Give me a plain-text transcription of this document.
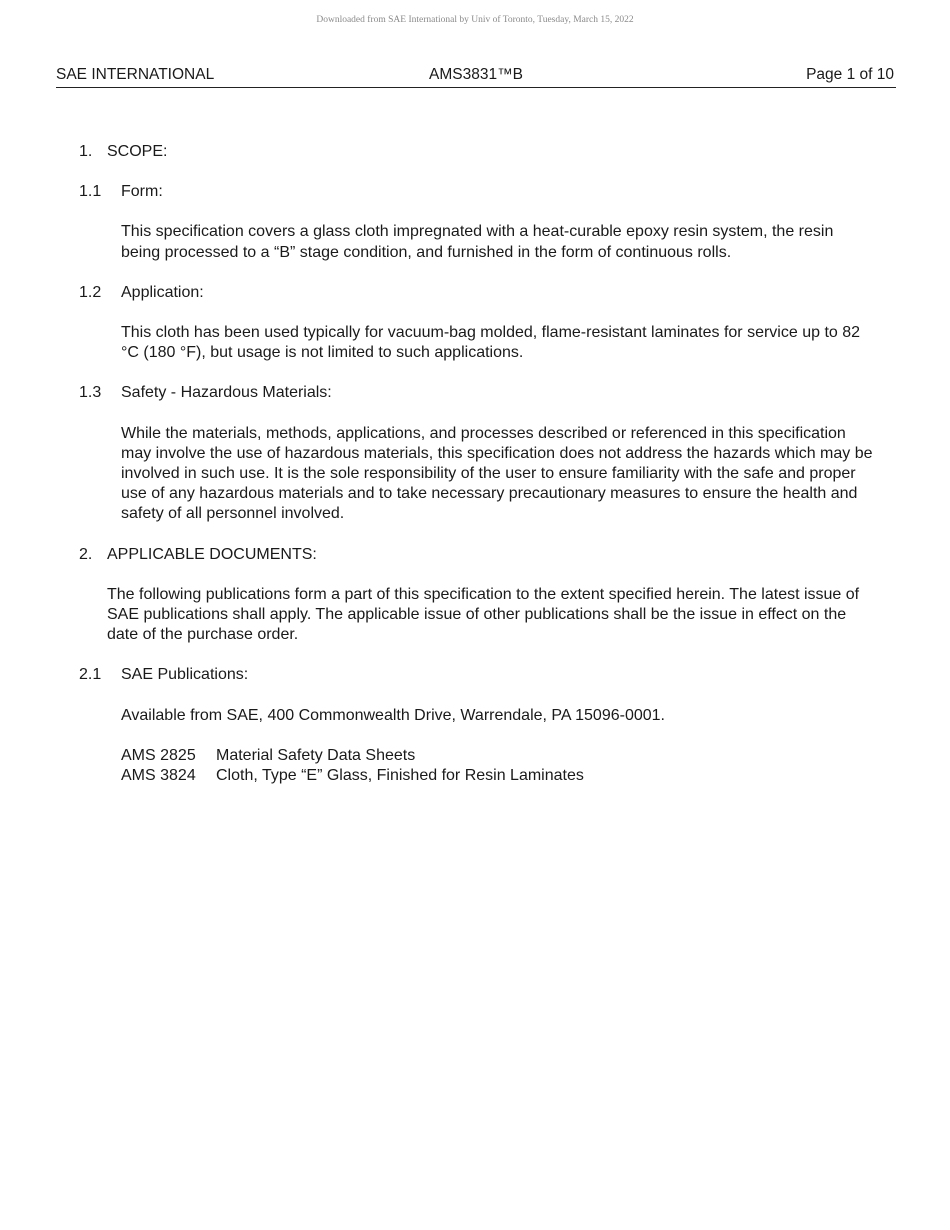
Downloaded from SAE International by Univ of Toronto, Tuesday, March 15, 2022
SAE INTERNATIONAL	AMS3831™B	Page 1 of 10
1. SCOPE:
1.1 Form:

This specification covers a glass cloth impregnated with a heat-curable epoxy resin system, the resin being processed to a “B” stage condition, and furnished in the form of continuous rolls.

1.2 Application:

This cloth has been used typically for vacuum-bag molded, flame-resistant laminates for service up to 82 °C (180 °F), but usage is not limited to such applications.

1.3 Safety - Hazardous Materials:

While the materials, methods, applications, and processes described or referenced in this specification may involve the use of hazardous materials, this specification does not address the hazards which may be involved in such use. It is the sole responsibility of the user to ensure familiarity with the safe and proper use of any hazardous materials and to take necessary precautionary measures to ensure the health and safety of all personnel involved.

2. APPLICABLE DOCUMENTS:

The following publications form a part of this specification to the extent specified herein. The latest issue of SAE publications shall apply. The applicable issue of other publications shall be the issue in effect on the date of the purchase order.

2.1 SAE Publications:

Available from SAE, 400 Commonwealth Drive, Warrendale, PA 15096-0001.

AMS 2825 Material Safety Data Sheets
AMS 3824 Cloth, Type “E” Glass, Finished for Resin Laminates
